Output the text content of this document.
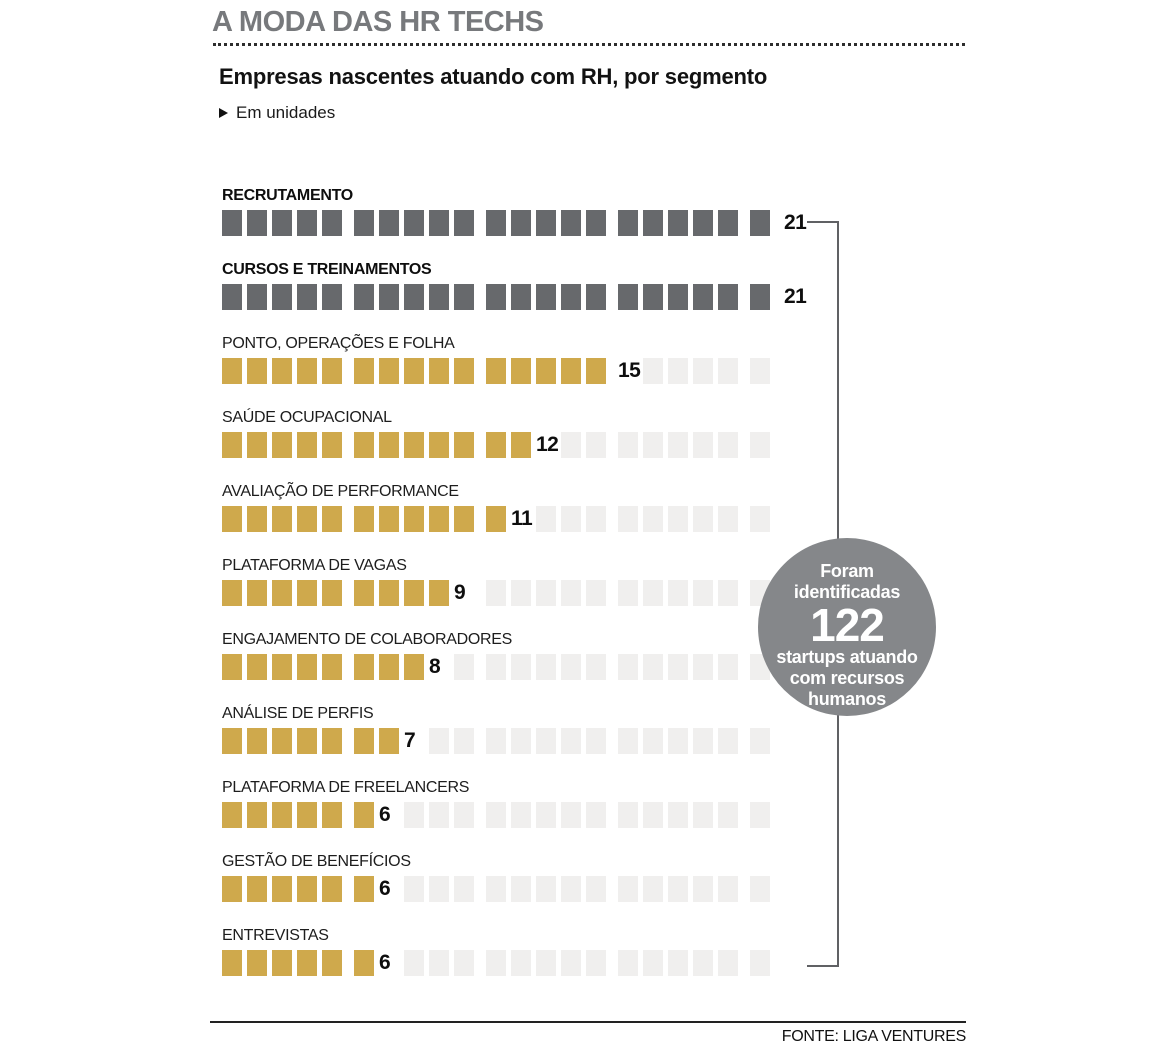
A MODA DAS HR TECHS
Empresas nascentes atuando com RH, por segmento
Em unidades
RECRUTAMENTO
21
CURSOS E TREINAMENTOS
21
PONTO, OPERAÇÕES E FOLHA
15
SAÚDE OCUPACIONAL
12
AVALIAÇÃO DE PERFORMANCE
11
PLATAFORMA DE VAGAS
9
ENGAJAMENTO DE COLABORADORES
8
ANÁLISE DE PERFIS
7
PLATAFORMA DE FREELANCERS
6
GESTÃO DE BENEFÍCIOS
6
ENTREVISTAS
6
Foram
identificadas
122
startups atuando
com recursos
humanos
FONTE: LIGA VENTURES
